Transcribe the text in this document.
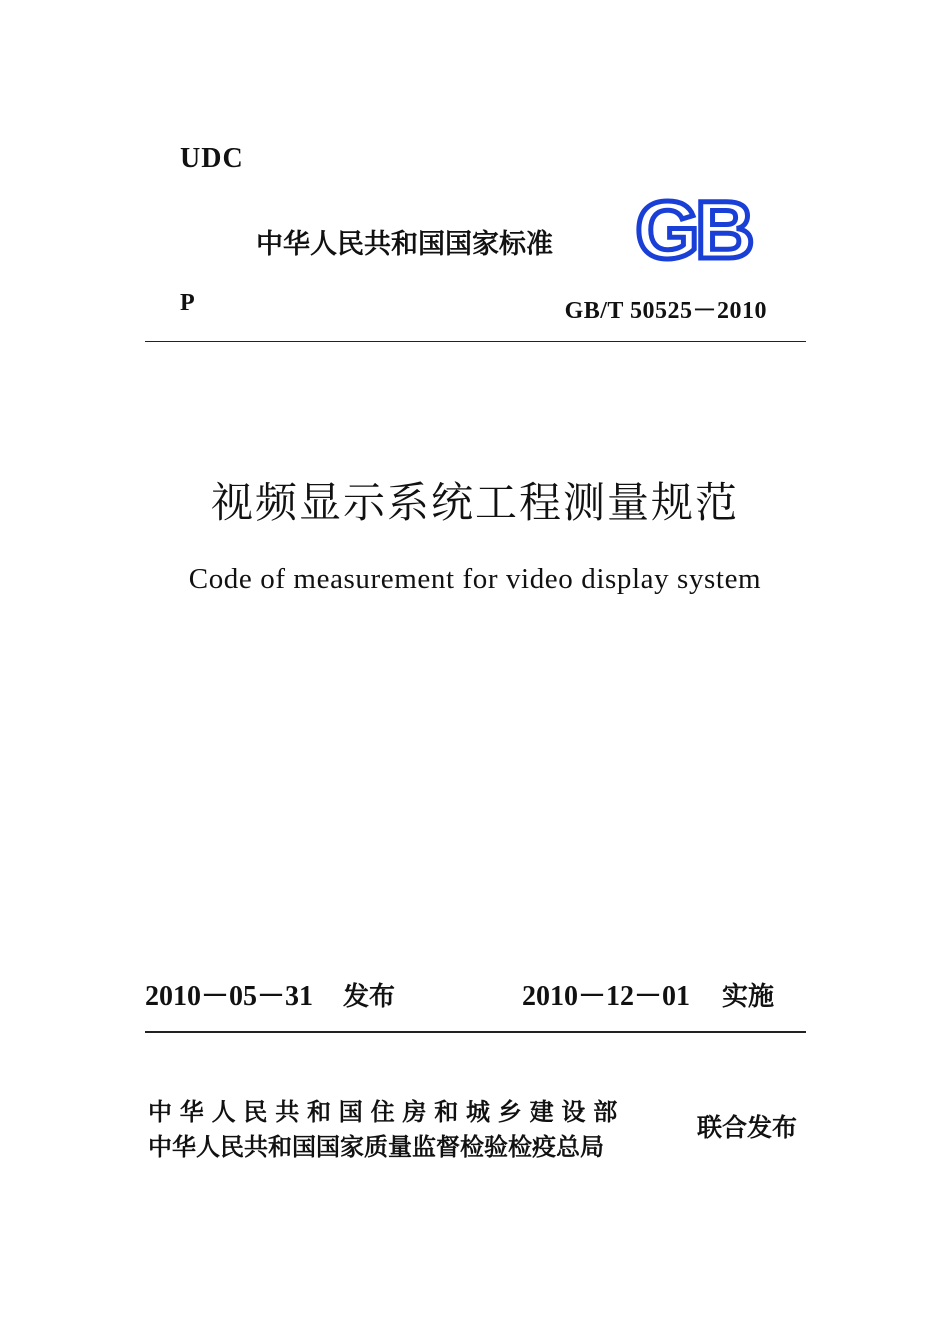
UDC
中华人民共和国国家标准 GB
P	GB/T 50525－2010
视频显示系统工程测量规范
Code of measurement for video display system
2010－05－31 发布	2010－12－01 实施
中华人民共和国住房和城乡建设部
中华人民共和国国家质量监督检验检疫总局
联合发布
